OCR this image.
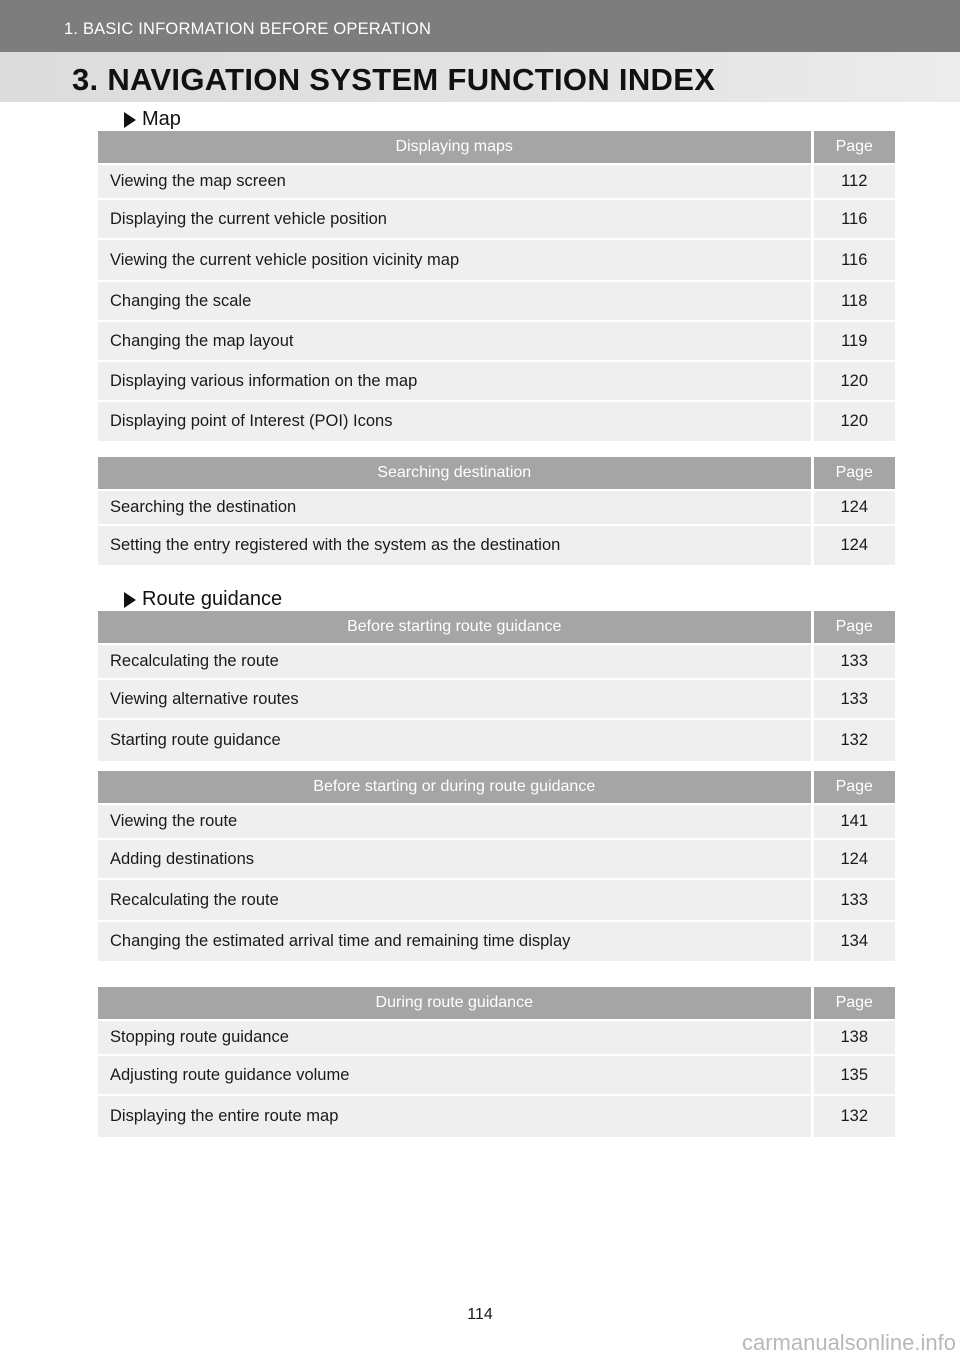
1. BASIC INFORMATION BEFORE OPERATION
3. NAVIGATION SYSTEM FUNCTION INDEX
Map
Displaying maps	Page
Viewing the map screen	112
Displaying the current vehicle position	116
Viewing the current vehicle position vicinity map	116
Changing the scale	118
Changing the map layout	119
Displaying various information on the map	120
Displaying point of Interest (POI) Icons	120
Searching destination	Page
Searching the destination	124
Setting the entry registered with the system as the destination	124
Route guidance
Before starting route guidance	Page
Recalculating the route	133
Viewing alternative routes	133
Starting route guidance	132
Before starting or during route guidance	Page
Viewing the route	141
Adding destinations	124
Recalculating the route	133
Changing the estimated arrival time and remaining time display	134
During route guidance	Page
Stopping route guidance	138
Adjusting route guidance volume	135
Displaying the entire route map	132
114
carmanualsonline.info
